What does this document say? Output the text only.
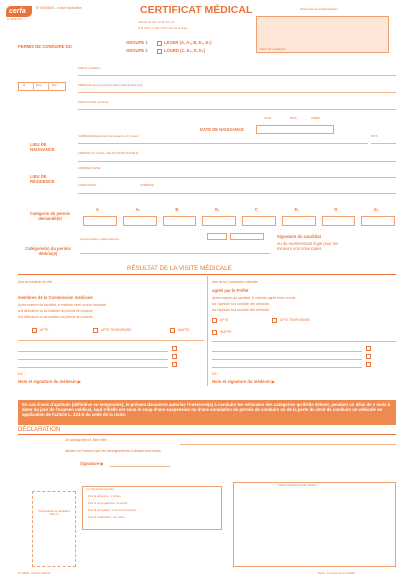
cerfa
N° 11247*01
N° 50008#01 - notice explicative	CERTIFICAT MÉDICAL
Articles R 221-10, R 221-14
et R 226-1 à 226-3 du Code de la route
Partie réservée à l'administration
Cachet de la préfecture
PERMIS DE CONDUIRE DU
GROUPE 1	LÉGER (A, A₁, B, E₁, E₂)
GROUPE 2	LOURD (C, E₁, D, E₂)
NOM (en capitales)
M	Mme	Mlle	PRÉNOMS (tous les prénoms dans l'ordre de l'état civil)
NOM D'USAGE (éventuel)
JOUR	MOIS	ANNÉE
DATE DE NAISSANCE
LIEU DE NAISSANCE
COMMUNE (Département de naissance, s'il y a lieu)	PAYS
LIEU DE RÉSIDENCE
ADRESSE (N° et RUE, LIEU-DIT, BOÎTE POSTALE)
ADRESSE (SUITE)
CODE POSTAL	COMMUNE
Catégorie du permis demandé(e)
A	A₁	B	E₁	C	E₁	D	E₂
Catégorie(s) du permis détenu(e)
Si permis détenu, date d'obtention
Signature du candidat
ou du représentant légal pour les mineurs non émancipés
RÉSULTAT DE LA VISITE MÉDICALE
Avis du médecin de ville
membres de la Commission médicale
Après examen du candidat, le médecin émet un avis favorable
à la délivrance ou au maintien du permis de conduire
à la délivrance ou au maintien du permis de conduire
APTE	APTE TEMPORAIRE	INAPTE
Le :
Nom et signature du médecin ▶
Avis de la Commission médicale
agréé par le Préfet
Après examen du candidat, le médecin agréé émet un avis
sur l'aptitude à la conduite des véhicules
sur l'aptitude à la conduite des véhicules
APTE	APTE TEMPORAIRE
INAPTE
Le :
Nom et signature du médecin ▶
En cas d'avis d'aptitude (définitive ou temporaire), le présent document autorise l'intéressé(e) à conduire les véhicules des catégories qu'il/elle détient, pendant un délai de 2 mois à dater du jour de l'examen médical, sauf s'il/elle est sous le coup d'une suspension ou d'une annulation du permis de conduire ou de la perte du droit de conduire un véhicule en application de l'article L. 223-5 du code de la route.
DÉCLARATION
Je soussigné(e) M. Mme Mlle
déclare sur l'honneur que les renseignements ci-dessus sont exacts
Signature ▶
Photographie du candidat à coller ici
Les documents à joindre
Pour la délivrance : 2 photos
Pour le renouvellement : le permis
Pour la prorogation : le permis et 2 photos
Pour la modification : voir notice
Cachet professionnel du médecin
N° 50008 - Imprimé national	Recto : À remplir par le candidat
